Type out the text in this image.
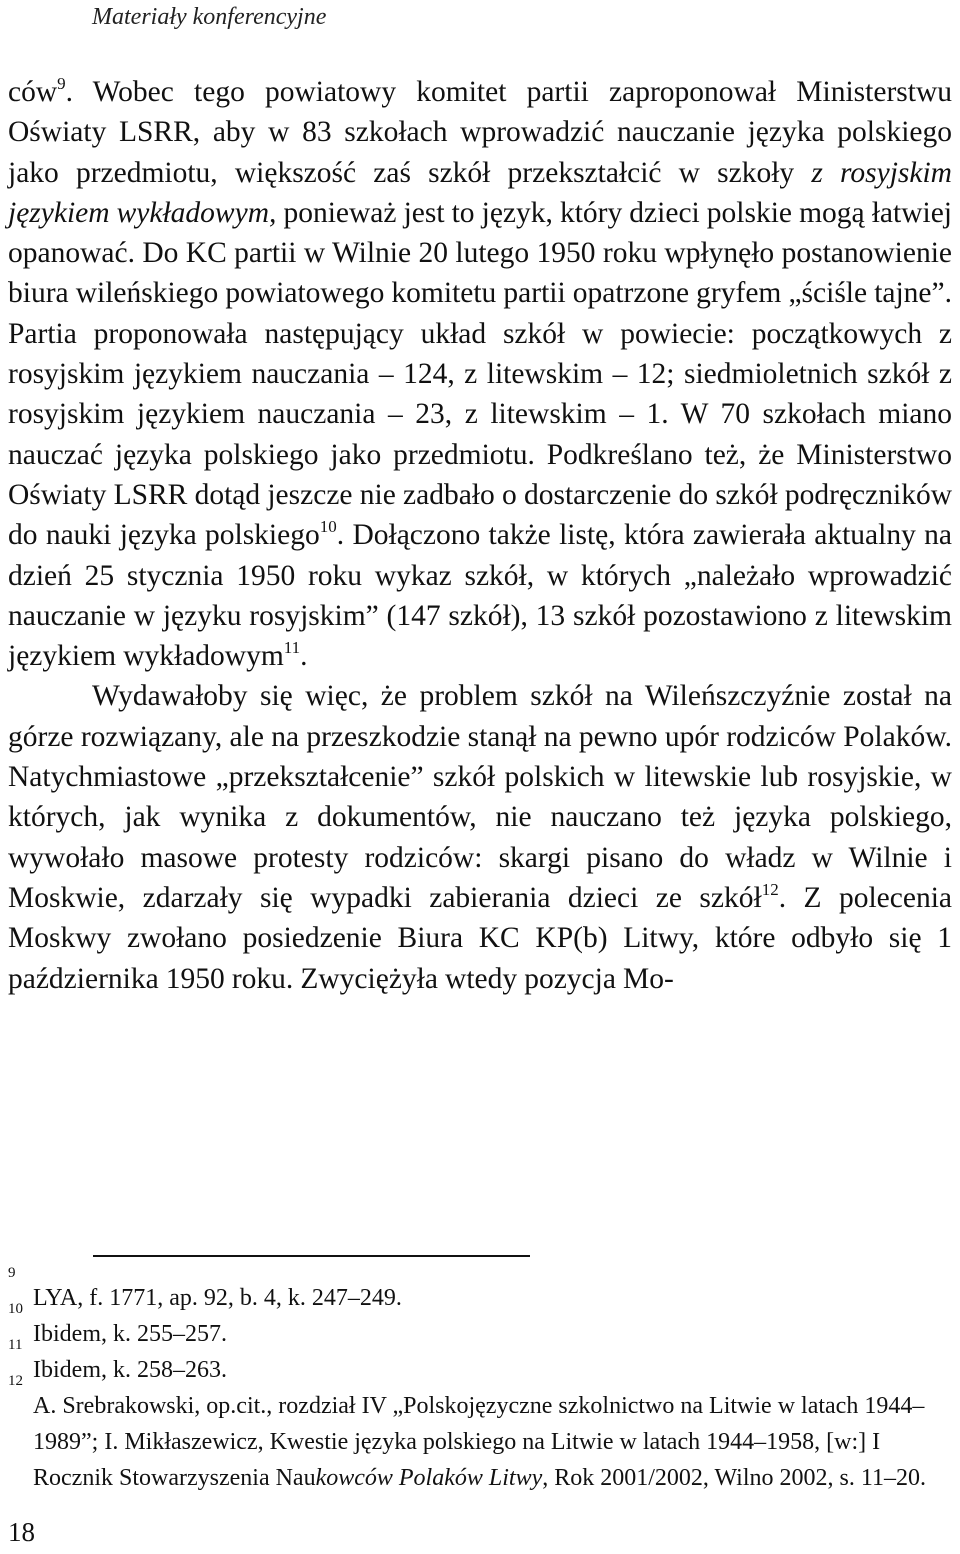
Materiały konferencyjne

ców$^9$. Wobec tego powiatowy komitet partii zaproponował Ministerstwu Oświaty LSRR, aby w 83 szkołach wprowadzić nauczanie języka polskiego jako przedmiotu, większość zaś szkół przekształcić w szkoły z rosyjskim językiem wykładowym, ponieważ jest to język, który dzieci polskie mogą łatwiej opanować. Do KC partii w Wilnie 20 lutego 1950 roku wpłynęło postanowienie biura wileńskiego powiatowego komitetu partii opatrzone gryfem „ściśle tajne”. Partia proponowała następujący układ szkół w powiecie: początkowych z rosyjskim językiem nauczania – 124, z litewskim – 12; siedmioletnich szkół z rosyjskim językiem nauczania – 23, z litewskim – 1. W 70 szkołach miano nauczać języka polskiego jako przedmiotu. Podkreślano też, że Ministerstwo Oświaty LSRR dotąd jeszcze nie zadbało o dostarczenie do szkół podręczników do nauki języka polskiego$^{10}$. Dołączono także listę, która zawierała aktualny na dzień 25 stycznia 1950 roku wykaz szkół, w których „należało wprowadzić nauczanie w języku rosyjskim” (147 szkół), 13 szkół pozostawiono z litewskim językiem wykładowym$^{11}$.

Wydawałoby się więc, że problem szkół na Wileńszczyźnie został na górze rozwiązany, ale na przeszkodzie stanął na pewno upór rodziców Polaków. Natychmiastowe „przekształcenie” szkół polskich w litewskie lub rosyjskie, w których, jak wynika z dokumentów, nie nauczano też języka polskiego, wywołało masowe protesty rodziców: skargi pisano do władz w Wilnie i Moskwie, zdarzały się wypadki zabierania dzieci ze szkół$^{12}$. Z polecenia Moskwy zwołano posiedzenie Biura KC KP(b) Litwy, które odbyło się 1 października 1950 roku. Zwyciężyła wtedy pozycja Mo-

9
LYA, f. 1771, ap. 92, b. 4, k. 247–249.

10
Ibidem, k. 255–257.

11
Ibidem, k. 258–263.

12
A. Srebrakowski, op.cit., rozdział IV „Polskojęzyczne szkolnictwo na Litwie w latach 1944–1989”; I. Mikłaszewicz, Kwestie języka polskiego na Litwie w latach 1944–1958, [w:] I Rocznik Stowarzyszenia Naukowców Polaków Litwy, Rok 2001/2002, Wilno 2002, s. 11–20.

18
